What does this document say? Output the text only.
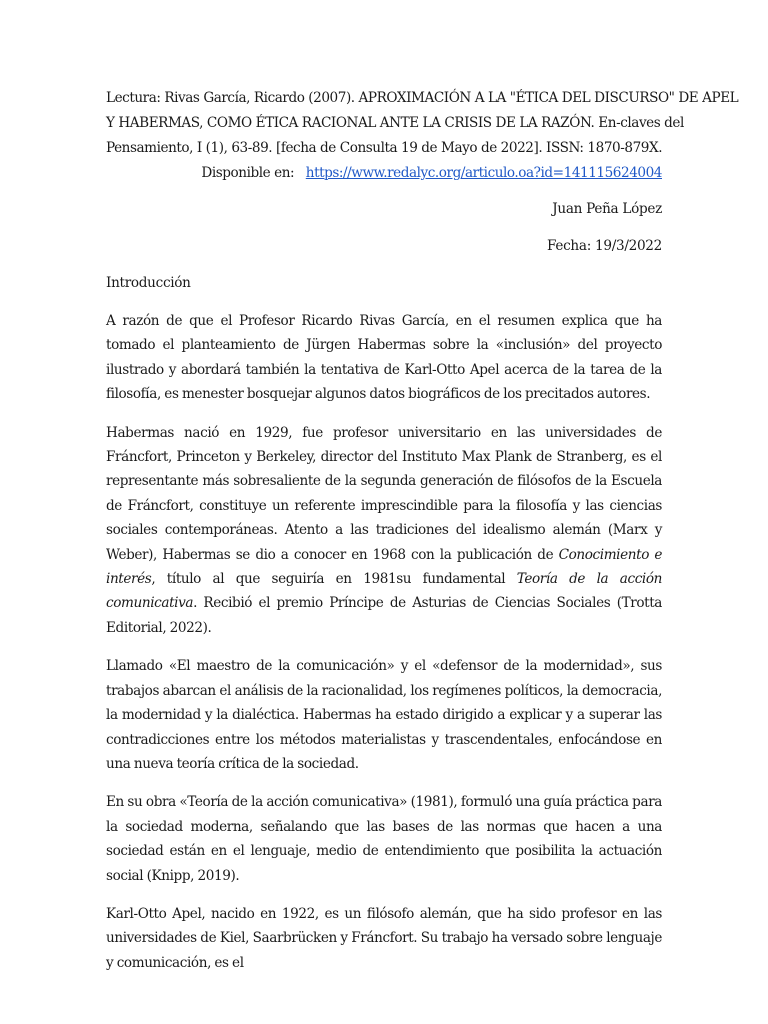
Lectura: Rivas García, Ricardo (2007). APROXIMACIÓN A LA "ÉTICA DEL DISCURSO" DE APEL
Y HABERMAS, COMO ÉTICA RACIONAL ANTE LA CRISIS DE LA RAZÓN. En-claves del
Pensamiento, I (1), 63-89. [fecha de Consulta 19 de Mayo de 2022]. ISSN: 1870-879X.
Disponible en: https://www.redalyc.org/articulo.oa?id=141115624004
Juan Peña López
Fecha: 19/3/2022
Introducción

A razón de que el Profesor Ricardo Rivas García, en el resumen explica que ha tomado el planteamiento de Jürgen Habermas sobre la «inclusión» del proyecto ilustrado y abordará también la tentativa de Karl-Otto Apel acerca de la tarea de la filosofía, es menester bosquejar algunos datos biográficos de los precitados autores.

Habermas nació en 1929, fue profesor universitario en las universidades de Fráncfort, Princeton y Berkeley, director del Instituto Max Plank de Stranberg, es el representante más sobresaliente de la segunda generación de filósofos de la Escuela de Fráncfort, constituye un referente imprescindible para la filosofía y las ciencias sociales contemporáneas. Atento a las tradiciones del idealismo alemán (Marx y Weber), Habermas se dio a conocer en 1968 con la publicación de Conocimiento e interés, título al que seguiría en 1981su fundamental Teoría de la acción comunicativa. Recibió el premio Príncipe de Asturias de Ciencias Sociales (Trotta Editorial, 2022).

Llamado «El maestro de la comunicación» y el «defensor de la modernidad», sus trabajos abarcan el análisis de la racionalidad, los regímenes políticos, la democracia, la modernidad y la dialéctica. Habermas ha estado dirigido a explicar y a superar las contradicciones entre los métodos materialistas y trascendentales, enfocándose en una nueva teoría crítica de la sociedad.

En su obra «Teoría de la acción comunicativa» (1981), formuló una guía práctica para la sociedad moderna, señalando que las bases de las normas que hacen a una sociedad están en el lenguaje, medio de entendimiento que posibilita la actuación social (Knipp, 2019).

Karl-Otto Apel, nacido en 1922, es un filósofo alemán, que ha sido profesor en las universidades de Kiel, Saarbrücken y Fráncfort. Su trabajo ha versado sobre lenguaje y comunicación, es el
